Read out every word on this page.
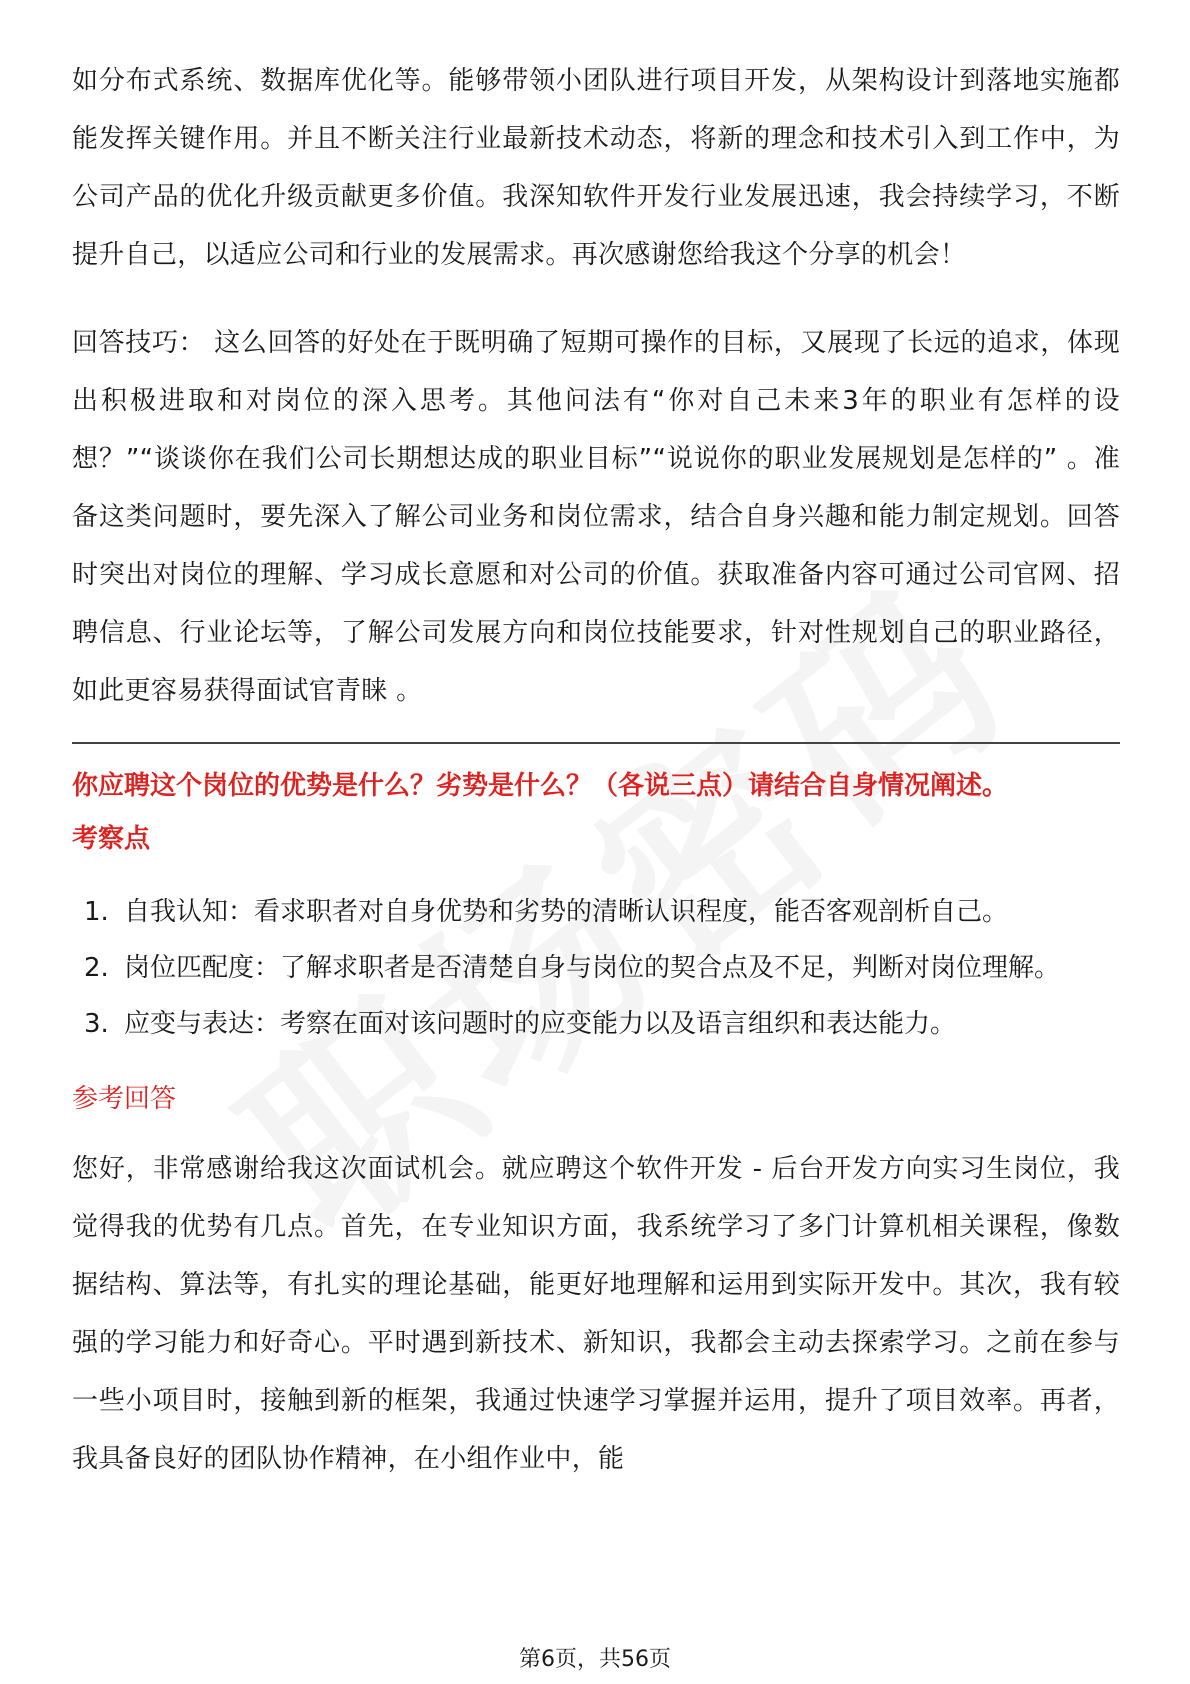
如分布式系统、数据库优化等。能够带领小团队进行项目开发，从架构设计到落地实施都能发挥关键作用。并且不断关注行业最新技术动态，将新的理念和技术引入到工作中，为公司产品的优化升级贡献更多价值。我深知软件开发行业发展迅速，我会持续学习，不断提升自己，以适应公司和行业的发展需求。再次感谢您给我这个分享的机会！

回答技巧： 这么回答的好处在于既明确了短期可操作的目标，又展现了长远的追求，体现出积极进取和对岗位的深入思考。其他问法有“你对自己未来3年的职业有怎样的设想？”“谈谈你在我们公司长期想达成的职业目标”“说说你的职业发展规划是怎样的” 。准备这类问题时，要先深入了解公司业务和岗位需求，结合自身兴趣和能力制定规划。回答时突出对岗位的理解、学习成长意愿和对公司的价值。获取准备内容可通过公司官网、招聘信息、行业论坛等，了解公司发展方向和岗位技能要求，针对性规划自己的职业路径，如此更容易获得面试官青睐 。

你应聘这个岗位的优势是什么？劣势是什么？（各说三点）请结合自身情况阐述。

考察点

1. 自我认知：看求职者对自身优势和劣势的清晰认识程度，能否客观剖析自己。
2. 岗位匹配度：了解求职者是否清楚自身与岗位的契合点及不足，判断对岗位理解。
3. 应变与表达：考察在面对该问题时的应变能力以及语言组织和表达能力。

参考回答

您好，非常感谢给我这次面试机会。就应聘这个软件开发 - 后台开发方向实习生岗位，我觉得我的优势有几点。首先，在专业知识方面，我系统学习了多门计算机相关课程，像数据结构、算法等，有扎实的理论基础，能更好地理解和运用到实际开发中。其次，我有较强的学习能力和好奇心。平时遇到新技术、新知识，我都会主动去探索学习。之前在参与一些小项目时，接触到新的框架，我通过快速学习掌握并运用，提升了项目效率。再者，我具备良好的团队协作精神，在小组作业中，能

第6页，共56页
